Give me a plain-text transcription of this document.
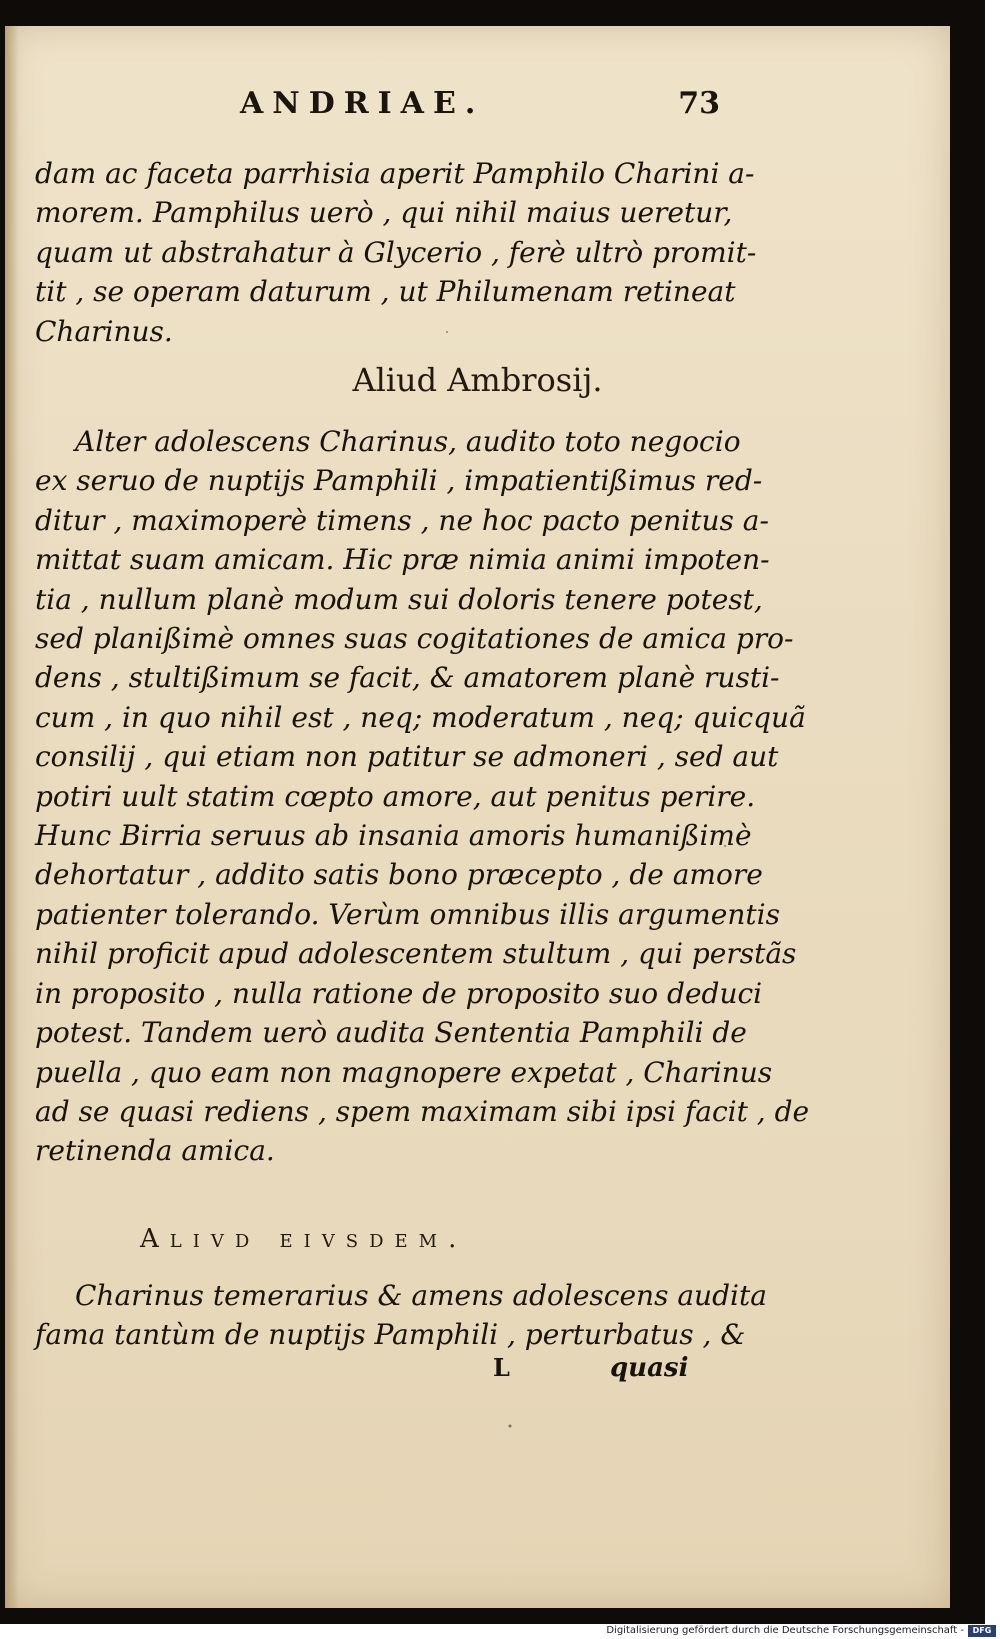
ANDRIAE.	73
dam ac faceta parrhisia aperit Pamphilo Charini a-
morem. Pamphilus uerò , qui nihil maius ueretur,
quam ut abstrahatur à Glycerio , ferè ultrò promit-
tit , se operam daturum , ut Philumenam retineat
Charinus.
Aliud Ambrosij.
Alter adolescens Charinus, audito toto negocio
ex seruo de nuptijs Pamphili , impatientißimus red-
ditur , maximoperè timens , ne hoc pacto penitus a-
mittat suam amicam. Hic præ nimia animi impoten-
tia , nullum planè modum sui doloris tenere potest,
sed planißimè omnes suas cogitationes de amica pro-
dens , stultißimum se facit, & amatorem planè rusti-
cum , in quo nihil est , neq; moderatum , neq; quicquã
consilij , qui etiam non patitur se admoneri , sed aut
potiri uult statim cœpto amore, aut penitus perire.
Hunc Birria seruus ab insania amoris humanißimè
dehortatur , addito satis bono præcepto , de amore
patienter tolerando. Verùm omnibus illis argumentis
nihil proficit apud adolescentem stultum , qui perstãs
in proposito , nulla ratione de proposito suo deduci
potest. Tandem uerò audita Sententia Pamphili de
puella , quo eam non magnopere expetat , Charinus
ad se quasi rediens , spem maximam sibi ipsi facit , de
retinenda amica.
Alivd eivsdem.
Charinus temerarius & amens adolescens audita
fama tantùm de nuptijs Pamphili , perturbatus , &
L	quasi
Digitalisierung gefördert durch die Deutsche Forschungsgemeinschaft -	DFG
